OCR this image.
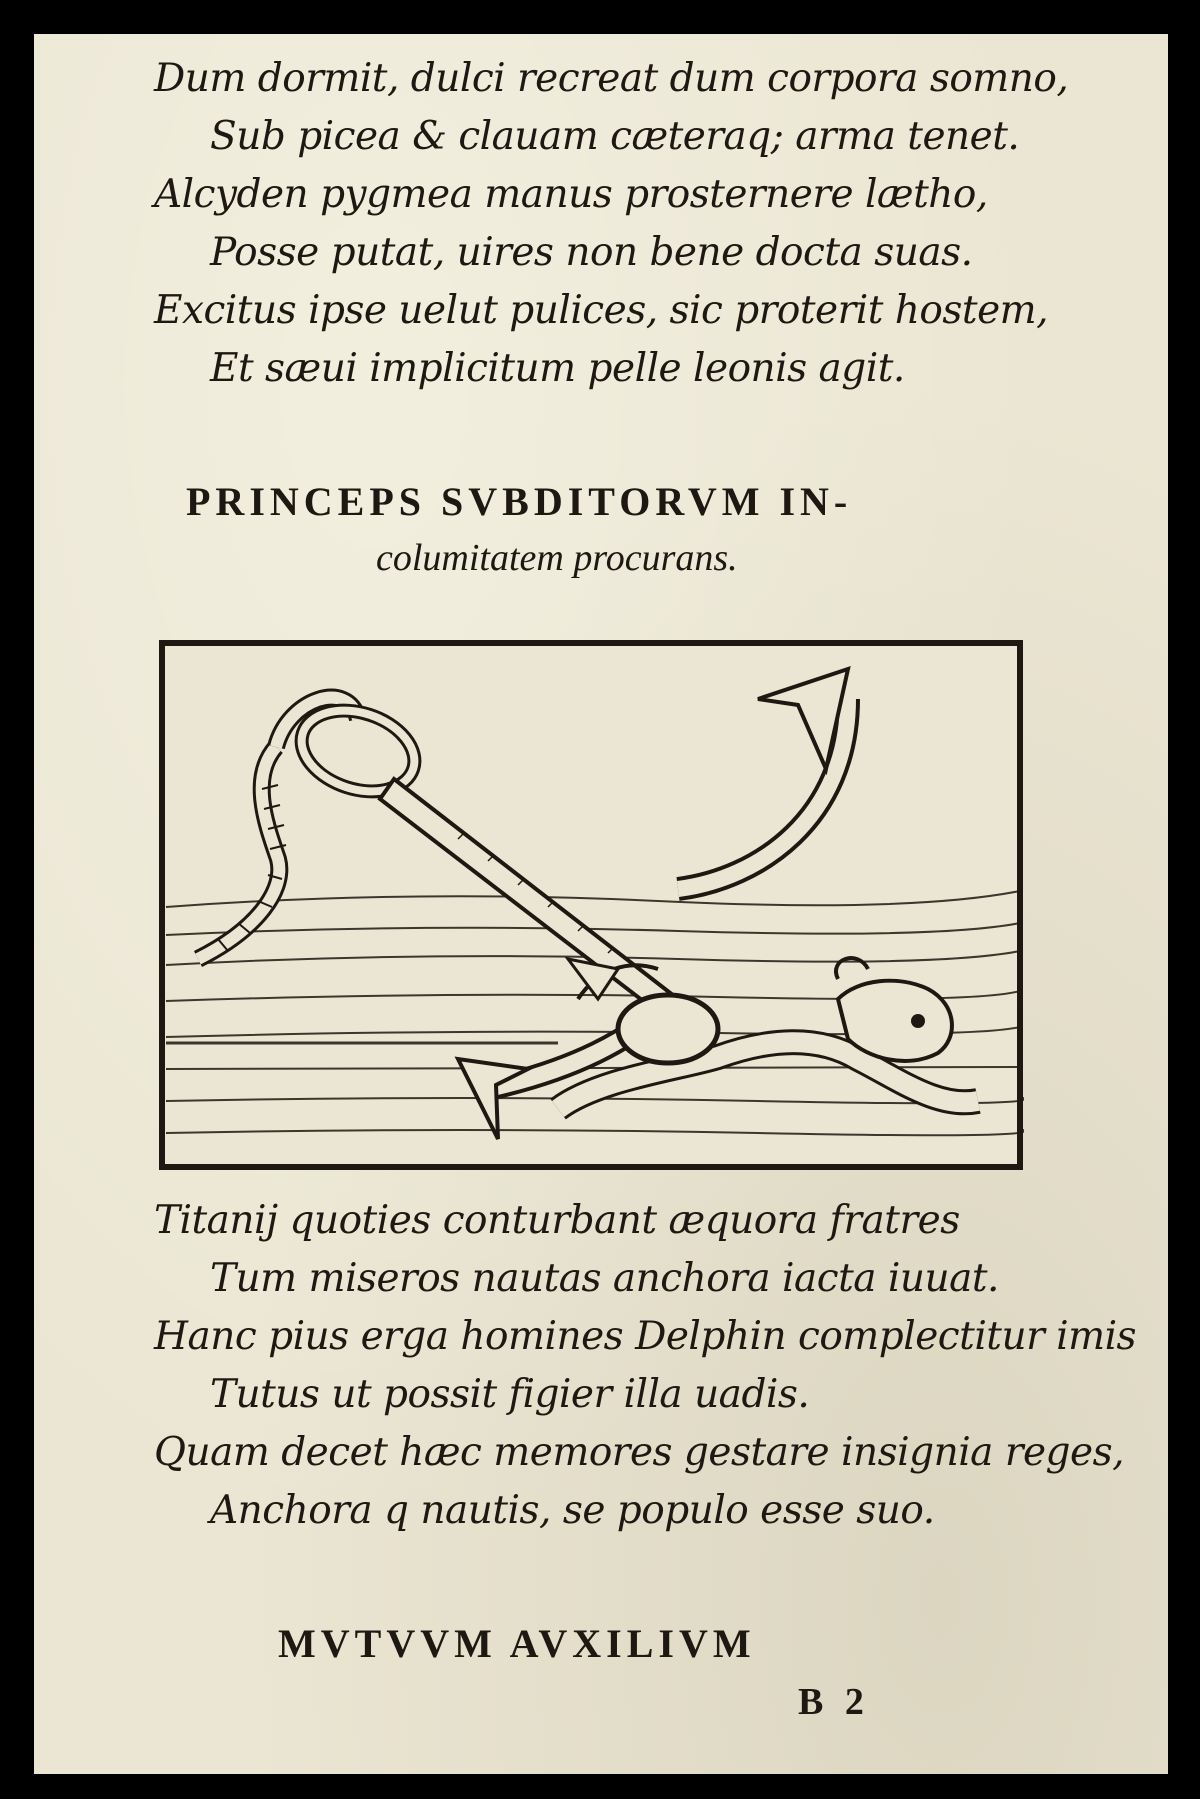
Dum dormit, dulci recreat dum corpora somno,
Sub picea & clauam cæteraq; arma tenet.
Alcyden pygmea manus prosternere læthο,
Posse putat, uires non bene docta suas.
Excitus ipse uelut pulices, sic proterit hostem,
Et sæui implicitum pelle leonis agit.
PRINCEPS SVBDITORVM IN-
columitatem procurans.
Titanij quoties conturbant æquora fratres
Tum miseros nautas anchora iacta iuuat.
Hanc pius erga homines Delphin complectitur imis
Tutus ut possit figier illa uadis.
Quam decet hæc memores gestare insignia reges,
Anchora q nautis, se populo esse suo.
MVTVVM AVXILIVM
B 2
